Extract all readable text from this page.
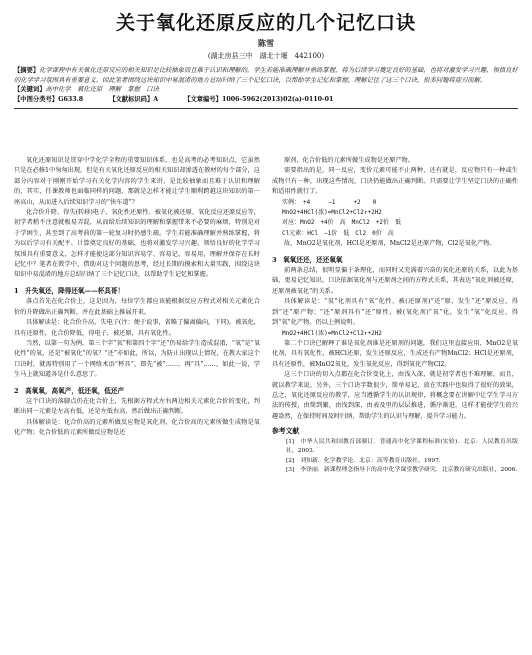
关于氧化还原反应的几个记忆口诀
陈雪
(湖北房县三中　湖北十堰　442100)
【摘要】化学课程中有关氧化还原反应的相关知识是比较抽象而且难于认识和理解的，学生若能准确理解并熟练掌握，将为后续学习奠定良好的基础，也将对激发学习兴趣、领悟良好的化学学习氛围具有重要意义。因此笔者围绕这块知识中易混淆的地方总结归纳了三个记忆口诀，以帮助学生记忆和掌握，理解记住了这三个口诀，很多问题将迎刃而解。
【关键词】高中化学　氧化还原　理解　掌握　口诀
【中图分类号】G633.8	【文献标识码】A	【文章编号】1006-5962(2013)02(a)-0110-01

氧化还原知识是贯穿中学化学全程的重要知识体系，也是高考的必考知识点，它虽然只是在必修1中匆匆出现，但是有关氧化还原反应的相关知识却渗透在教材的每个部分，这部分内容对于刚刚开始学习有关化学内容的学生来讲，是比较抽象而且难于认识和理解的，其实，任课教师也面临同样的问题，那就是怎样才能让学生顺利跨越这块知识的第一座高山，从而进入后续知识学习的“快车道”？

化合价升降、得失(转移)电子、氧化性还原性、被氧化被还原、氧化反应还原反应等，初学者稍不注意就极易弄混，从而给后续知识的理解和掌握带来不必要的麻烦，特别是对于学困生，甚至到了高考前的第一轮复习时仍感生疏。学生若能准确理解并熟练掌握，将为以后学习有关配平、计算奠定良好的基础，也将对激发学习兴趣、领悟良好的化学学习氛围具有重要意义，怎样才能使这部分知识容易学、容易记、容易用，理解并保存在长时记忆中？笔者在教学中，借助对这个问题的思考，经过长期的摸索和大量实践，围绕这块知识中易混淆的地方总结归纳了三个记忆口诀，以帮助学生记忆和掌握。

1　升失氧还，降得还氧——杯具哥！

落点首先在化合价上，这是因为，每位学生都应该能根据反应方程式对相关元素化合价的升降做出正确判断，并在此基础上推展开来。

具体解读是：化合价升高，失电子(注：便于说事，省略了偏离偏向，下同)，被氧化，具有还原性，化合价降低，得电子，被还原，具有氧化性。

当然，以第一句为例，第三个字“氧”和第四个字“还”仍易给学生造成混淆，“氧”是“氧化性”的氧，还是“被氧化”的氧？“还”亦如此，所以，为防止出现以上情况，在教大家这个口诀时，就需特别用了一个网络术语“杯具”，即先“被”……，再“具”……，如此一说，学生马上就知道各是什么意思了。

2　高氧氧，高氧产，低还氧，低还产

这个口诀的落脚点仍在化合价上，先根据方程式左右两边相关元素化合价的变化，判断出同一元素是左高右低，还是左低右高，然后做出正确判断。

具体解读是：化合价高的元素所做反应物是氧化剂，化合价高的元素所做生成物是氧化产物；化合价低的元素所做反应物是还

原剂，化合价低的元素所做生成物是还原产物。

需要指出的是，同一反应，变价元素可能不止两种，还有就是，反应物只有一种或生成物只有一种，出现这些情况，口诀仍能做出正确判断。只需要让学生坚定口诀的正确性和适用性就行了。

实例：　+4　　　−1　　　+2　　0

MnO2+4HCl(浓)=MnCl2+Cl2↑+2H2

对应：MnO2　+4价　高　MnCl2　+2价　低

Cl元素：HCl　−1价　低　Cl2　0价　高

故，MnO2是氧化剂，HCl是还原剂，MnCl2是还原产物，Cl2是氧化产物。

3　氧氧还还，还还氧氧

前两条总结，很明显偏于条理化，而同时又充满着兴奋的氧化还原的关系，以此为基础，更易记忆知识。口诀依据氧化剂与还原剂之间的方程式关系，其表达“氧化剂被还原，还原剂被氧化”的关系。

具体解读是：“氧”化剂具有“氧”化性、被(还原剂)“还”原，发生“还”原反应，得到“还”原产物；“还”原剂具有“还”原性，被(氧化剂)“氧”化，发生“氧”化反应，得到“氧”化产物。仍以上例说明。

MnO2+4HCl(浓)=MnCl2+Cl2↑+2H2

第二个口诀已解释了谁是氧化剂谁是还原剂的问题，我们这里直接应用，MnO2是氧化剂，具有氧化性，被HCl还原，发生还原反应，生成还有产物MnCl2；HCl是还原剂，具有还原性，被MnO2氧化，发生氧化反应，得到氧化产物Cl2。

这三个口诀的切入点都在化合价变化上，由浅入深，就是初学者也不难理解，而且，就以教学来说，另外，三个口诀字数很少，简单易记，放在实践中也取得了很好的效果，总之，氧化还原反应的教学，应当遵循学生的认识规律，将概念要在讲解中让学生学习方法的传授，由简到繁，由浅到深，由表及里的层层推进，循序渐进，这样才能使学生的兴趣盎然，在保持时间及时归纳，帮助学生的认识与理解，提升学习能力。

参考文献

[1]　中华人民共和国教育部制订．普通高中化学课程标准(实验)．北京：人民教育出版社，2003.

[2]　刘知新．化学教学论．北京：高等教育出版社，1997.

[3]　李泽丽．新课程理念指导下的高中化学课堂教学研究．北京教育研究出版社，2006.
